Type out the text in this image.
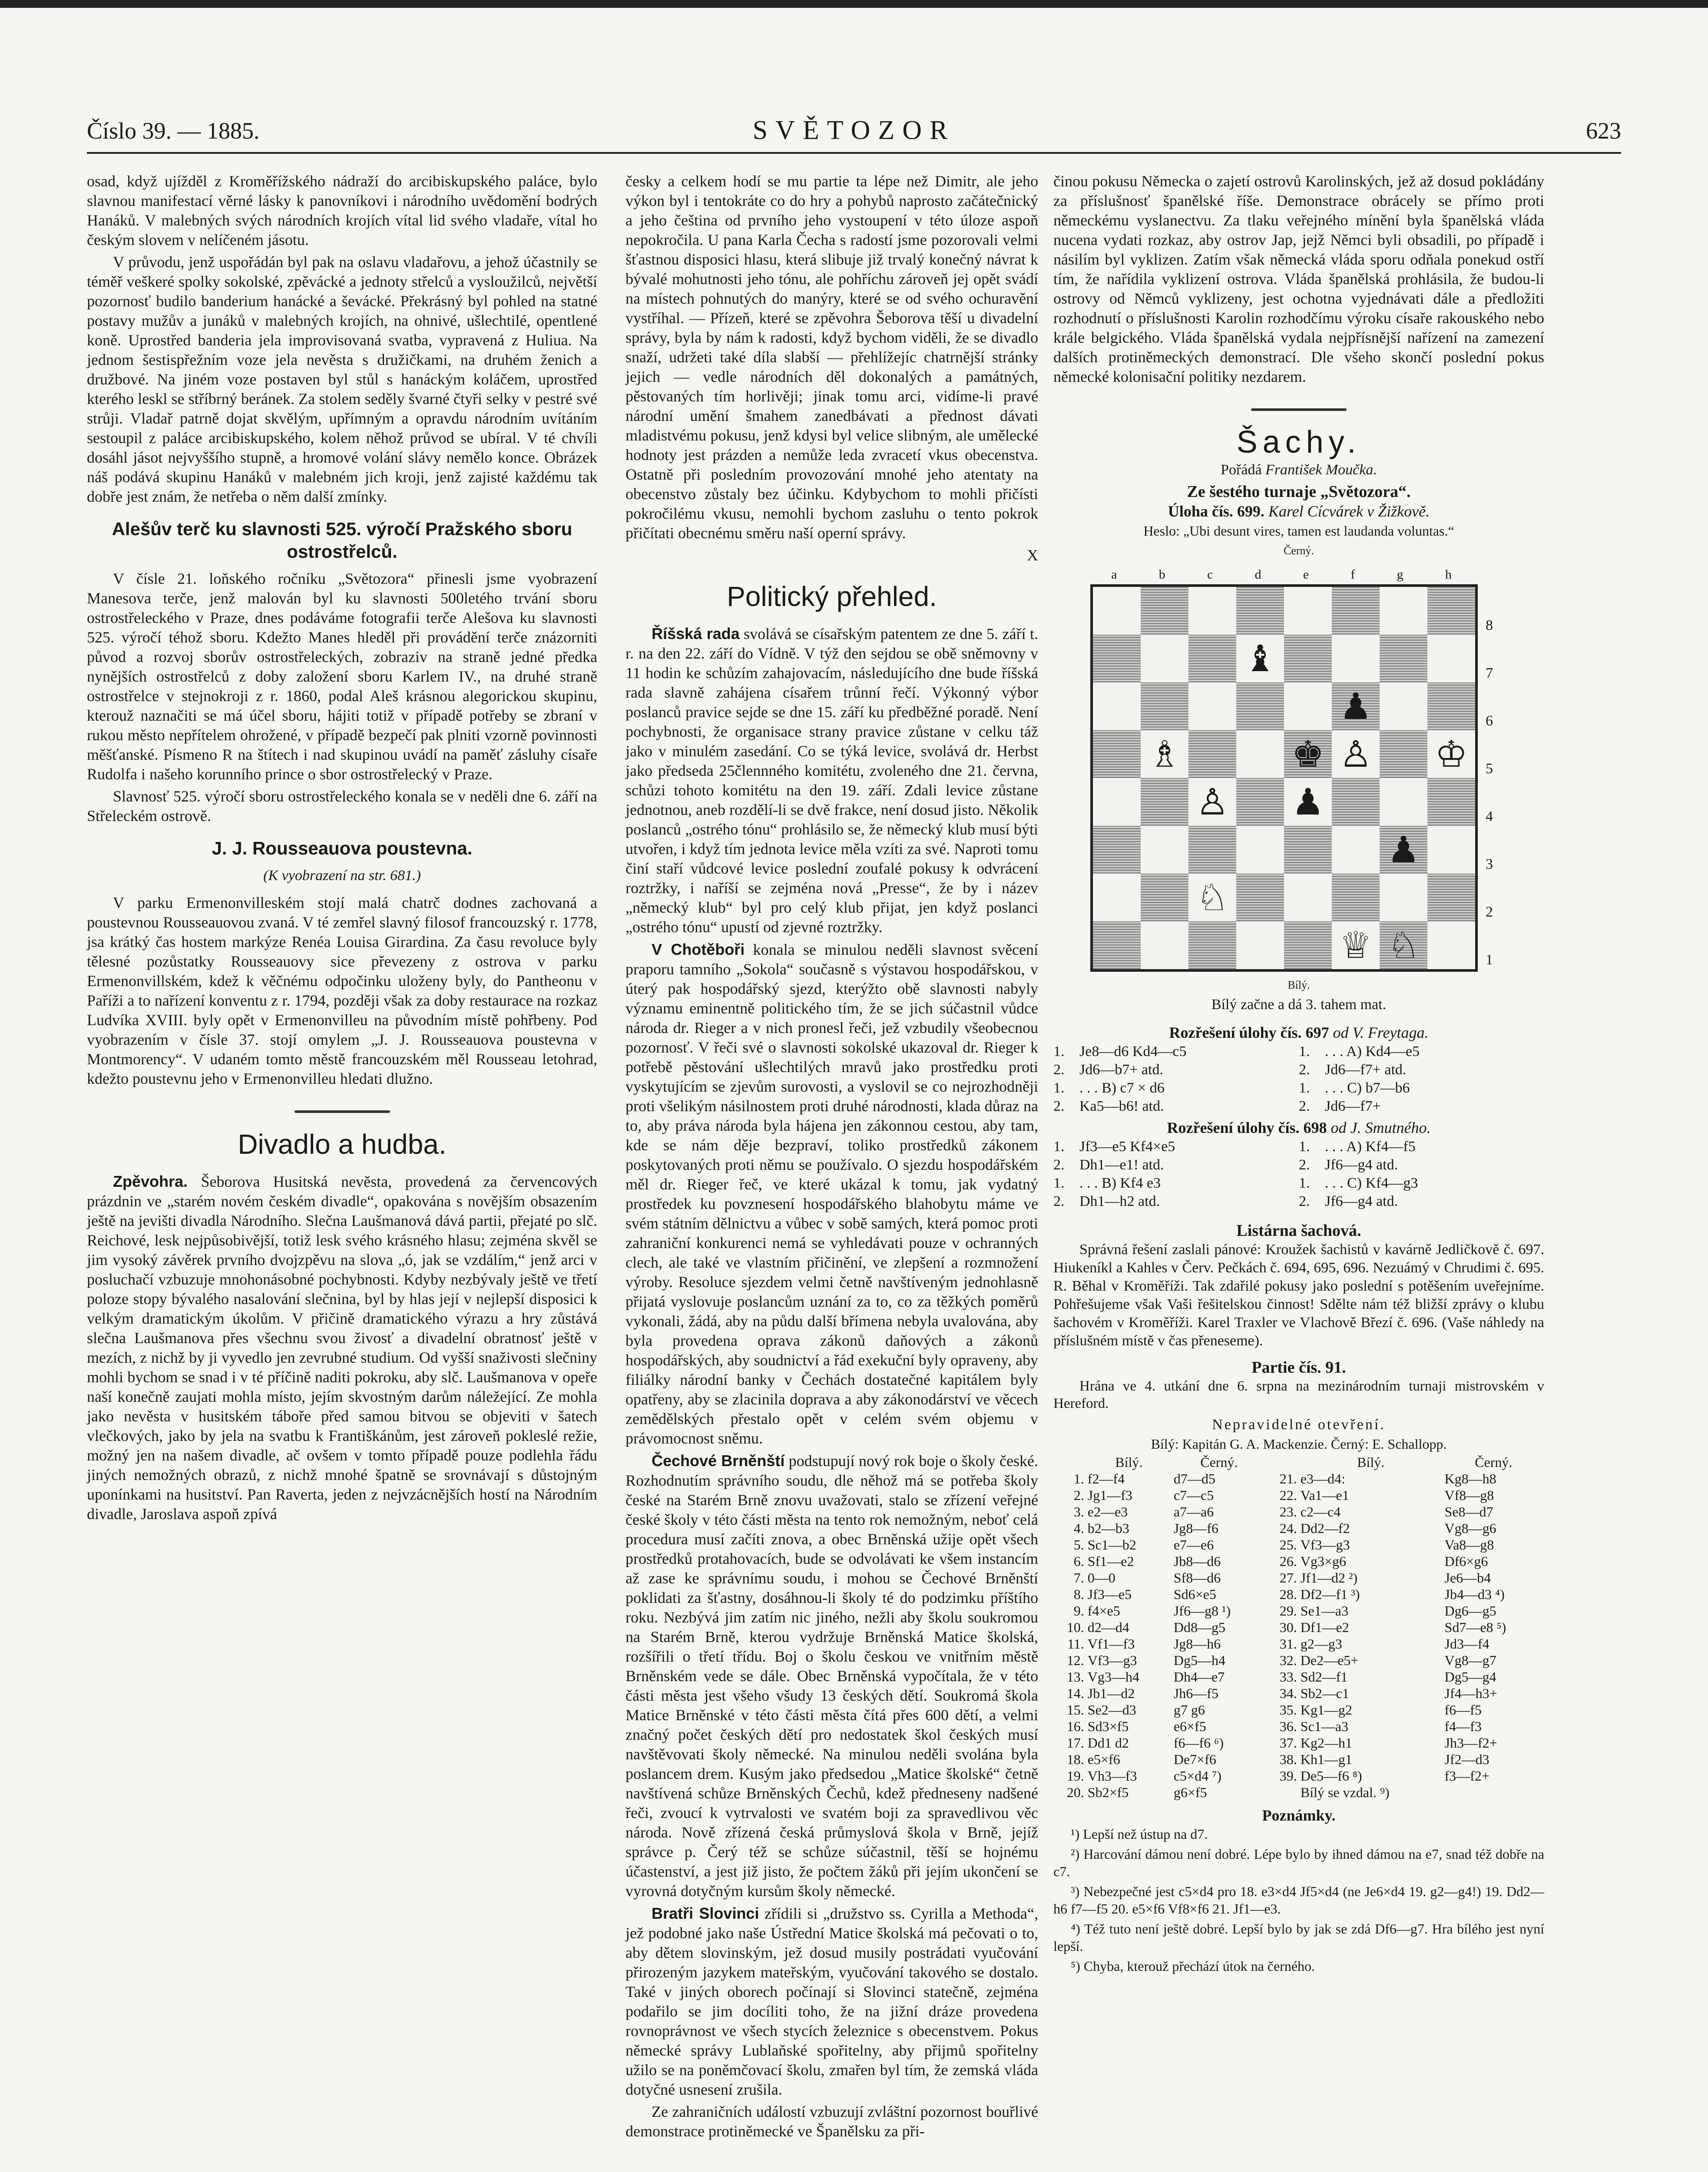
Číslo 39. — 1885.	SVĚTOZOR	623

osad, když ujížděl z Kroměřížského nádraží do arcibiskupského paláce, bylo slavnou manifestací věrné lásky k panovníkovi i národního uvědomění bodrých Hanáků. V malebných svých národních krojích vítal lid svého vladaře, vítal ho českým slovem v nelíčeném jásotu.

V průvodu, jenž uspořádán byl pak na oslavu vladařovu, a jehož účastnily se téměř veškeré spolky sokolské, zpěvácké a jednoty střelců a vysloužilců, největší pozornosť budilo banderium hanácké a ševácké. Překrásný byl pohled na statné postavy mužův a junáků v malebných krojích, na ohnivé, ušlechtilé, opentlené koně. Uprostřed banderia jela improvisovaná svatba, vypravená z Huliua. Na jednom šestispřežním voze jela nevěsta s družičkami, na druhém ženich a družbové. Na jiném voze postaven byl stůl s hanáckým koláčem, uprostřed kterého leskl se stříbrný beránek. Za stolem seděly švarné čtyři selky v pestré své strůji. Vladař patrně dojat skvělým, upřímným a opravdu národním uvítáním sestoupil z paláce arcibiskupského, kolem něhož průvod se ubíral. V té chvíli dosáhl jásot nejvyššího stupně, a hromové volání slávy nemělo konce. Obrázek náš podává skupinu Hanáků v malebném jich kroji, jenž zajisté každému tak dobře jest znám, že netřeba o něm další zmínky.

Alešův terč ku slavnosti 525. výročí Pražského sboru ostrostřelců.

V čísle 21. loňského ročníku „Světozora“ přinesli jsme vyobrazení Manesova terče, jenž malován byl ku slavnosti 500letého trvání sboru ostrostřeleckého v Praze, dnes podáváme fotografii terče Alešova ku slavnosti 525. výročí téhož sboru. Kdežto Manes hleděl při provádění terče znázorniti původ a rozvoj sborův ostrostřeleckých, zobraziv na straně jedné předka nynějších ostrostřelců z doby založení sboru Karlem IV., na druhé straně ostrostřelce v stejnokroji z r. 1860, podal Aleš krásnou alegorickou skupinu, kterouž naznačiti se má účel sboru, hájiti totiž v případě potřeby se zbraní v rukou město nepřítelem ohrožené, v případě bezpečí pak plniti vzorně povinnosti měšťanské. Písmeno R na štítech i nad skupinou uvádí na paměť zásluhy císaře Rudolfa i našeho korunního prince o sbor ostrostřelecký v Praze.

Slavnosť 525. výročí sboru ostrostřeleckého konala se v neděli dne 6. září na Střeleckém ostrově.

J. J. Rousseauova poustevna.
(K vyobrazení na str. 681.)

V parku Ermenonvilleském stojí malá chatrč dodnes zachovaná a poustevnou Rousseauovou zvaná. V té zemřel slavný filosof francouzský r. 1778, jsa krátký čas hostem markýze Renéa Louisa Girardina. Za času revoluce byly tělesné pozůstatky Rousseauovy sice převezeny z ostrova v parku Ermenonvillském, kdež k věčnému odpočinku uloženy byly, do Pantheonu v Paříži a to nařízení konventu z r. 1794, později však za doby restaurace na rozkaz Ludvíka XVIII. byly opět v Ermenonvilleu na původním místě pohřbeny. Pod vyobrazením v čísle 37. stojí omylem „J. J. Rousseauova poustevna v Montmorency“. V udaném tomto městě francouzském měl Rousseau letohrad, kdežto poustevnu jeho v Ermenonvilleu hledati dlužno.

Divadlo a hudba.

Zpěvohra. Šeborova Husitská nevěsta, provedená za červencových prázdnin ve „starém novém českém divadle“, opakována s novějším obsazením ještě na jevišti divadla Národního. Slečna Laušmanová dává partii, přejaté po slč. Reichové, lesk nejpůsobivější, totiž lesk svého krásného hlasu; zejména skvěl se jim vysoký závěrek prvního dvojzpěvu na slova „ó, jak se vzdálím,“ jenž arci v posluchačí vzbuzuje mnohonásobné pochybnosti. Kdyby nezbývaly ještě ve třetí poloze stopy bývalého nasalování slečnina, byl by hlas její v nejlepší disposici k velkým dramatickým úkolům. V přičině dramatického výrazu a hry zůstává slečna Laušmanova přes všechnu svou živosť a divadelní obratnosť ještě v mezích, z nichž by ji vyvedlo jen zevrubné studium. Od vyšší snaživosti slečniny mohli bychom se snad i v té příčině naditi pokroku, aby slč. Laušmanova v opeře naší konečně zaujati mohla místo, jejím skvostným darům náležející. Ze mohla jako nevěsta v husitském táboře před samou bitvou se objeviti v šatech vlečkových, jako by jela na svatbu k Františkánům, jest zároveň pokleslé režie, možný jen na našem divadle, ač ovšem v tomto případě pouze podlehla řádu jiných nemožných obrazů, z nichž mnohé špatně se srovnávají s důstojným uponínkami na husitství. Pan Raverta, jeden z nejvzácnějších hostí na Národním divadle, Jaroslava aspoň zpívá

česky a celkem hodí se mu partie ta lépe než Dimitr, ale jeho výkon byl i tentokráte co do hry a pohybů naprosto začátečnický a jeho čeština od prvního jeho vystoupení v této úloze aspoň nepokročila. U pana Karla Čecha s radostí jsme pozorovali velmi šťastnou disposici hlasu, která slibuje již trvalý konečný návrat k bývalé mohutnosti jeho tónu, ale pohříchu zároveň jej opět svádí na místech pohnutých do manýry, které se od svého ochuravění vystříhal. — Přízeň, které se zpěvohra Šeborova těší u divadelní správy, byla by nám k radosti, když bychom viděli, že se divadlo snaží, udržeti také díla slabší — přehlížejíc chatrnější stránky jejich — vedle národních děl dokonalých a památných, pěstovaných tím horlivěji; jinak tomu arci, vidíme-li pravé národní umění šmahem zanedbávati a přednost dávati mladistvému pokusu, jenž kdysi byl velice slibným, ale umělecké hodnoty jest prázden a nemůže leda zvracetí vkus obecenstva. Ostatně při posledním provozování mnohé jeho atentaty na obecenstvo zůstaly bez účinku. Kdybychom to mohli přičísti pokročilému vkusu, nemohli bychom zasluhu o tento pokrok přičítati obecnému směru naší operní správy.

X
Politický přehled.

Říšská rada svolává se císařským patentem ze dne 5. září t. r. na den 22. září do Vídně. V týž den sejdou se obě sněmovny v 11 hodin ke schůzím zahajovacím, následujícího dne bude říšská rada slavně zahájena císařem trůnní řečí. Výkonný výbor poslanců pravice sejde se dne 15. září ku předběžné poradě. Není pochybnosti, že organisace strany pravice zůstane v celku táž jako v minulém zasedání. Co se týká levice, svolává dr. Herbst jako předseda 25člennného komitétu, zvoleného dne 21. června, schůzi tohoto komitétu na den 19. září. Zdali levice zůstane jednotnou, aneb rozdělí-li se dvě frakce, není dosud jisto. Několik poslanců „ostrého tónu“ prohlásilo se, že německý klub musí býti utvořen, i když tím jednota levice měla vzíti za své. Naproti tomu činí staří vůdcové levice poslední zoufalé pokusy k odvrácení roztržky, i naříší se zejména nová „Presse“, že by i název „německý klub“ byl pro celý klub přijat, jen když poslanci „ostrého tónu“ upustí od zjevné roztržky.

V Chotěboři konala se minulou neděli slavnost svěcení praporu tamního „Sokola“ současně s výstavou hospodářskou, v úterý pak hospodářský sjezd, kterýžto obě slavnosti nabyly významu eminentně politického tím, že se jich súčastnil vůdce národa dr. Rieger a v nich pronesl řeči, jež vzbudily všeobecnou pozornosť. V řeči své o slavnosti sokolské ukazoval dr. Rieger k potřebě pěstování ušlechtilých mravů jako prostředku proti vyskytujícím se zjevům surovosti, a vyslovil se co nejrozhodněji proti všelikým násilnostem proti druhé národnosti, klada důraz na to, aby práva národa byla hájena jen zákonnou cestou, aby tam, kde se nám děje bezpraví, toliko prostředků zákonem poskytovaných proti němu se používalo. O sjezdu hospodářském měl dr. Rieger řeč, ve které ukázal k tomu, jak vydatný prostředek ku povznesení hospodářského blahobytu máme ve svém státním dělnictvu a vůbec v sobě samých, která pomoc proti zahraniční konkurenci nemá se vyhledávati pouze v ochranných clech, ale také ve vlastním přičinění, ve zlepšení a rozmnožení výroby. Resoluce sjezdem velmi četně navštíveným jednohlasně přijatá vyslovuje poslancům uznání za to, co za těžkých poměrů vykonali, žádá, aby na půdu další břímena nebyla uvalována, aby byla provedena oprava zákonů daňových a zákonů hospodářských, aby soudnictví a řád exekuční byly opraveny, aby filiálky národní banky v Čechách dostatečné kapitálem byly opatřeny, aby se zlacinila doprava a aby zákonodárství ve věcech zemědělských přestalo opět v celém svém objemu v právomocnost sněmu.

Čechové Brněnští podstupují nový rok boje o školy české. Rozhodnutím správního soudu, dle něhož má se potřeba školy české na Starém Brně znovu uvažovati, stalo se zřízení veřejné české školy v této části města na tento rok nemožným, neboť celá procedura musí začíti znova, a obec Brněnská užije opět všech prostředků protahovacích, bude se odvolávati ke všem instancím až zase ke správnímu soudu, i mohou se Čechové Brněnští poklidati za šťastny, dosáhnou-li školy té do podzimku příštího roku. Nezbývá jim zatím nic jiného, nežli aby školu soukromou na Starém Brně, kterou vydržuje Brněnská Matice školská, rozšířili o třetí třídu. Boj o školu českou ve vnitřním městě Brněnském vede se dále. Obec Brněnská vypočítala, že v této části města jest všeho všudy 13 českých dětí. Soukromá škola Matice Brněnské v této části města čítá přes 600 dětí, a velmi značný počet českých dětí pro nedostatek škol českých musí navštěvovati školy německé. Na minulou neděli svolána byla poslancem drem. Kusým jako předsedou „Matice školské“ četně navštívená schůze Brněnských Čechů, kdež předneseny nadšené řeči, zvoucí k vytrvalosti ve svatém boji za spravedlivou věc národa. Nově zřízená česká průmyslová škola v Brně, jejíž správce p. Čerý též se schůze súčastnil, těší se hojnému účastenství, a jest již jisto, že počtem žáků při jejím ukončení se vyrovná dotyčným kursům školy německé.

Bratři Slovinci zřídili si „družstvo ss. Cyrilla a Methoda“, jež podobné jako naše Ústřední Matice školská má pečovati o to, aby dětem slovinským, jež dosud musily postrádati vyučování přirozeným jazykem mateřským, vyučování takového se dostalo. Také v jiných oborech počínají si Slovinci statečně, zejména podařilo se jim docíliti toho, že na jižní dráze provedena rovnoprávnost ve všech stycích železnice s obecenstvem. Pokus německé správy Lublaňské spořitelny, aby přijmů spořitelny užilo se na poněmčovací školu, zmařen byl tím, že zemská vláda dotyčné usnesení zrušila.

Ze zahraničních událostí vzbuzují zvláštní pozornost bouřlivé demonstrace protiněmecké ve Španělsku za při-

činou pokusu Německa o zajetí ostrovů Karolinských, jež až dosud pokládány za příslušnosť španělské říše. Demonstrace obrácely se přímo proti německému vyslanectvu. Za tlaku veřejného mínění byla španělská vláda nucena vydati rozkaz, aby ostrov Jap, jejž Němci byli obsadili, po případě i násilím byl vyklizen. Zatím však německá vláda sporu odňala ponekud ostří tím, že nařídila vyklizení ostrova. Vláda španělská prohlásila, že budou-li ostrovy od Němců vyklizeny, jest ochotna vyjednávati dále a předložiti rozhodnutí o příslušnosti Karolin rozhodčímu výroku císaře rakouského nebo krále belgického. Vláda španělská vydala nejpřísnější nařízení na zamezení dalších protiněmeckých demonstrací. Dle všeho skončí poslední pokus německé kolonisační politiky nezdarem.

Šachy.
Pořádá František Moučka.
Ze šestého turnaje „Světozora“.
Úloha čís. 699. Karel Cícvárek v Žižkově.
Heslo: „Ubi desunt vires, tamen est laudanda voluntas.“
Černý.
a	b	c	d	e	f	g	h
♝
♟
♗	♚ ♙ ♔
♙ ♟
♟
♘
♕ ♘
8
7
6
5
4
3
2
1
Bílý.
Bílý začne a dá 3. tahem mat.
Rozřešení úlohy čís. 697 od V. Freytaga.
1.	Je8—d6 Kd4—c5	1.	. . . A) Kd4—e5
2.	Jd6—b7+ atd.	2.	Jd6—f7+ atd.
1.	. . . B) c7 × d6	1.	. . . C) b7—b6
2.	Ka5—b6! atd.	2.	Jd6—f7+
Rozřešení úlohy čís. 698 od J. Smutného.
1.	Jf3—e5 Kf4×e5	1.	. . . A) Kf4—f5
2.	Dh1—e1! atd.	2.	Jf6—g4 atd.
1.	. . . B) Kf4 e3	1.	. . . C) Kf4—g3
2.	Dh1—h2 atd.	2.	Jf6—g4 atd.
Listárna šachová.

Správná řešení zaslali pánové: Kroužek šachistů v kavárně Jedličkově č. 697. Hiukeníkl a Kahles v Červ. Pečkách č. 694, 695, 696. Nezuámý v Chrudimi č. 695. R. Běhal v Kroměříži. Tak zdařilé pokusy jako poslední s potěšením uveřejníme. Pohřešujeme však Vaši řešitelskou činnost! Sdělte nám též bližší zprávy o klubu šachovém v Kroměříži. Karel Traxler ve Vlachově Březí č. 696. (Vaše náhledy na příslušném místě v čas přeneseme).

Partie čís. 91.

Hrána ve 4. utkání dne 6. srpna na mezinárodním turnaji mistrovském v Hereford.

Nepravidelné otevření.
Bílý: Kapitán G. A. Mackenzie. Černý: E. Schallopp.
	Bílý.	Černý.		Bílý.	Černý.
1.	f2—f4	d7—d5	21.	e3—d4:	Kg8—h8
2.	Jg1—f3	c7—c5	22.	Va1—e1	Vf8—g8
3.	e2—e3	a7—a6	23.	c2—c4	Se8—d7
4.	b2—b3	Jg8—f6	24.	Dd2—f2	Vg8—g6
5.	Sc1—b2	e7—e6	25.	Vf3—g3	Va8—g8
6.	Sf1—e2	Jb8—d6	26.	Vg3×g6	Df6×g6
7.	0—0	Sf8—d6	27.	Jf1—d2 ²)	Je6—b4
8.	Jf3—e5	Sd6×e5	28.	Df2—f1 ³)	Jb4—d3 ⁴)
9.	f4×e5	Jf6—g8 ¹)	29.	Se1—a3	Dg6—g5
10.	d2—d4	Dd8—g5	30.	Df1—e2	Sd7—e8 ⁵)
11.	Vf1—f3	Jg8—h6	31.	g2—g3	Jd3—f4
12.	Vf3—g3	Dg5—h4	32.	De2—e5+	Vg8—g7
13.	Vg3—h4	Dh4—e7	33.	Sd2—f1	Dg5—g4
14.	Jb1—d2	Jh6—f5	34.	Sb2—c1	Jf4—h3+
15.	Se2—d3	g7 g6	35.	Kg1—g2	f6—f5
16.	Sd3×f5	e6×f5	36.	Sc1—a3	f4—f3
17.	Dd1 d2	f6—f6 ⁶)	37.	Kg2—h1	Jh3—f2+
18.	e5×f6	De7×f6	38.	Kh1—g1	Jf2—d3
19.	Vh3—f3	c5×d4 ⁷)	39.	De5—f6 ⁸)	f3—f2+
20.	Sb2×f5	g6×f5		Bílý se vzdal. ⁹)	
Poznámky.

¹) Lepší než ústup na d7.

²) Harcování dámou není dobré. Lépe bylo by ihned dámou na e7, snad též dobře na c7.

³) Nebezpečné jest c5×d4 pro 18. e3×d4 Jf5×d4 (ne Je6×d4 19. g2—g4!) 19. Dd2—h6 f7—f5 20. e5×f6 Vf8×f6 21. Jf1—e3.

⁴) Též tuto není ještě dobré. Lepší bylo by jak se zdá Df6—g7. Hra bílého jest nyní lepší.

⁵) Chyba, kterouž přechází útok na černého.
